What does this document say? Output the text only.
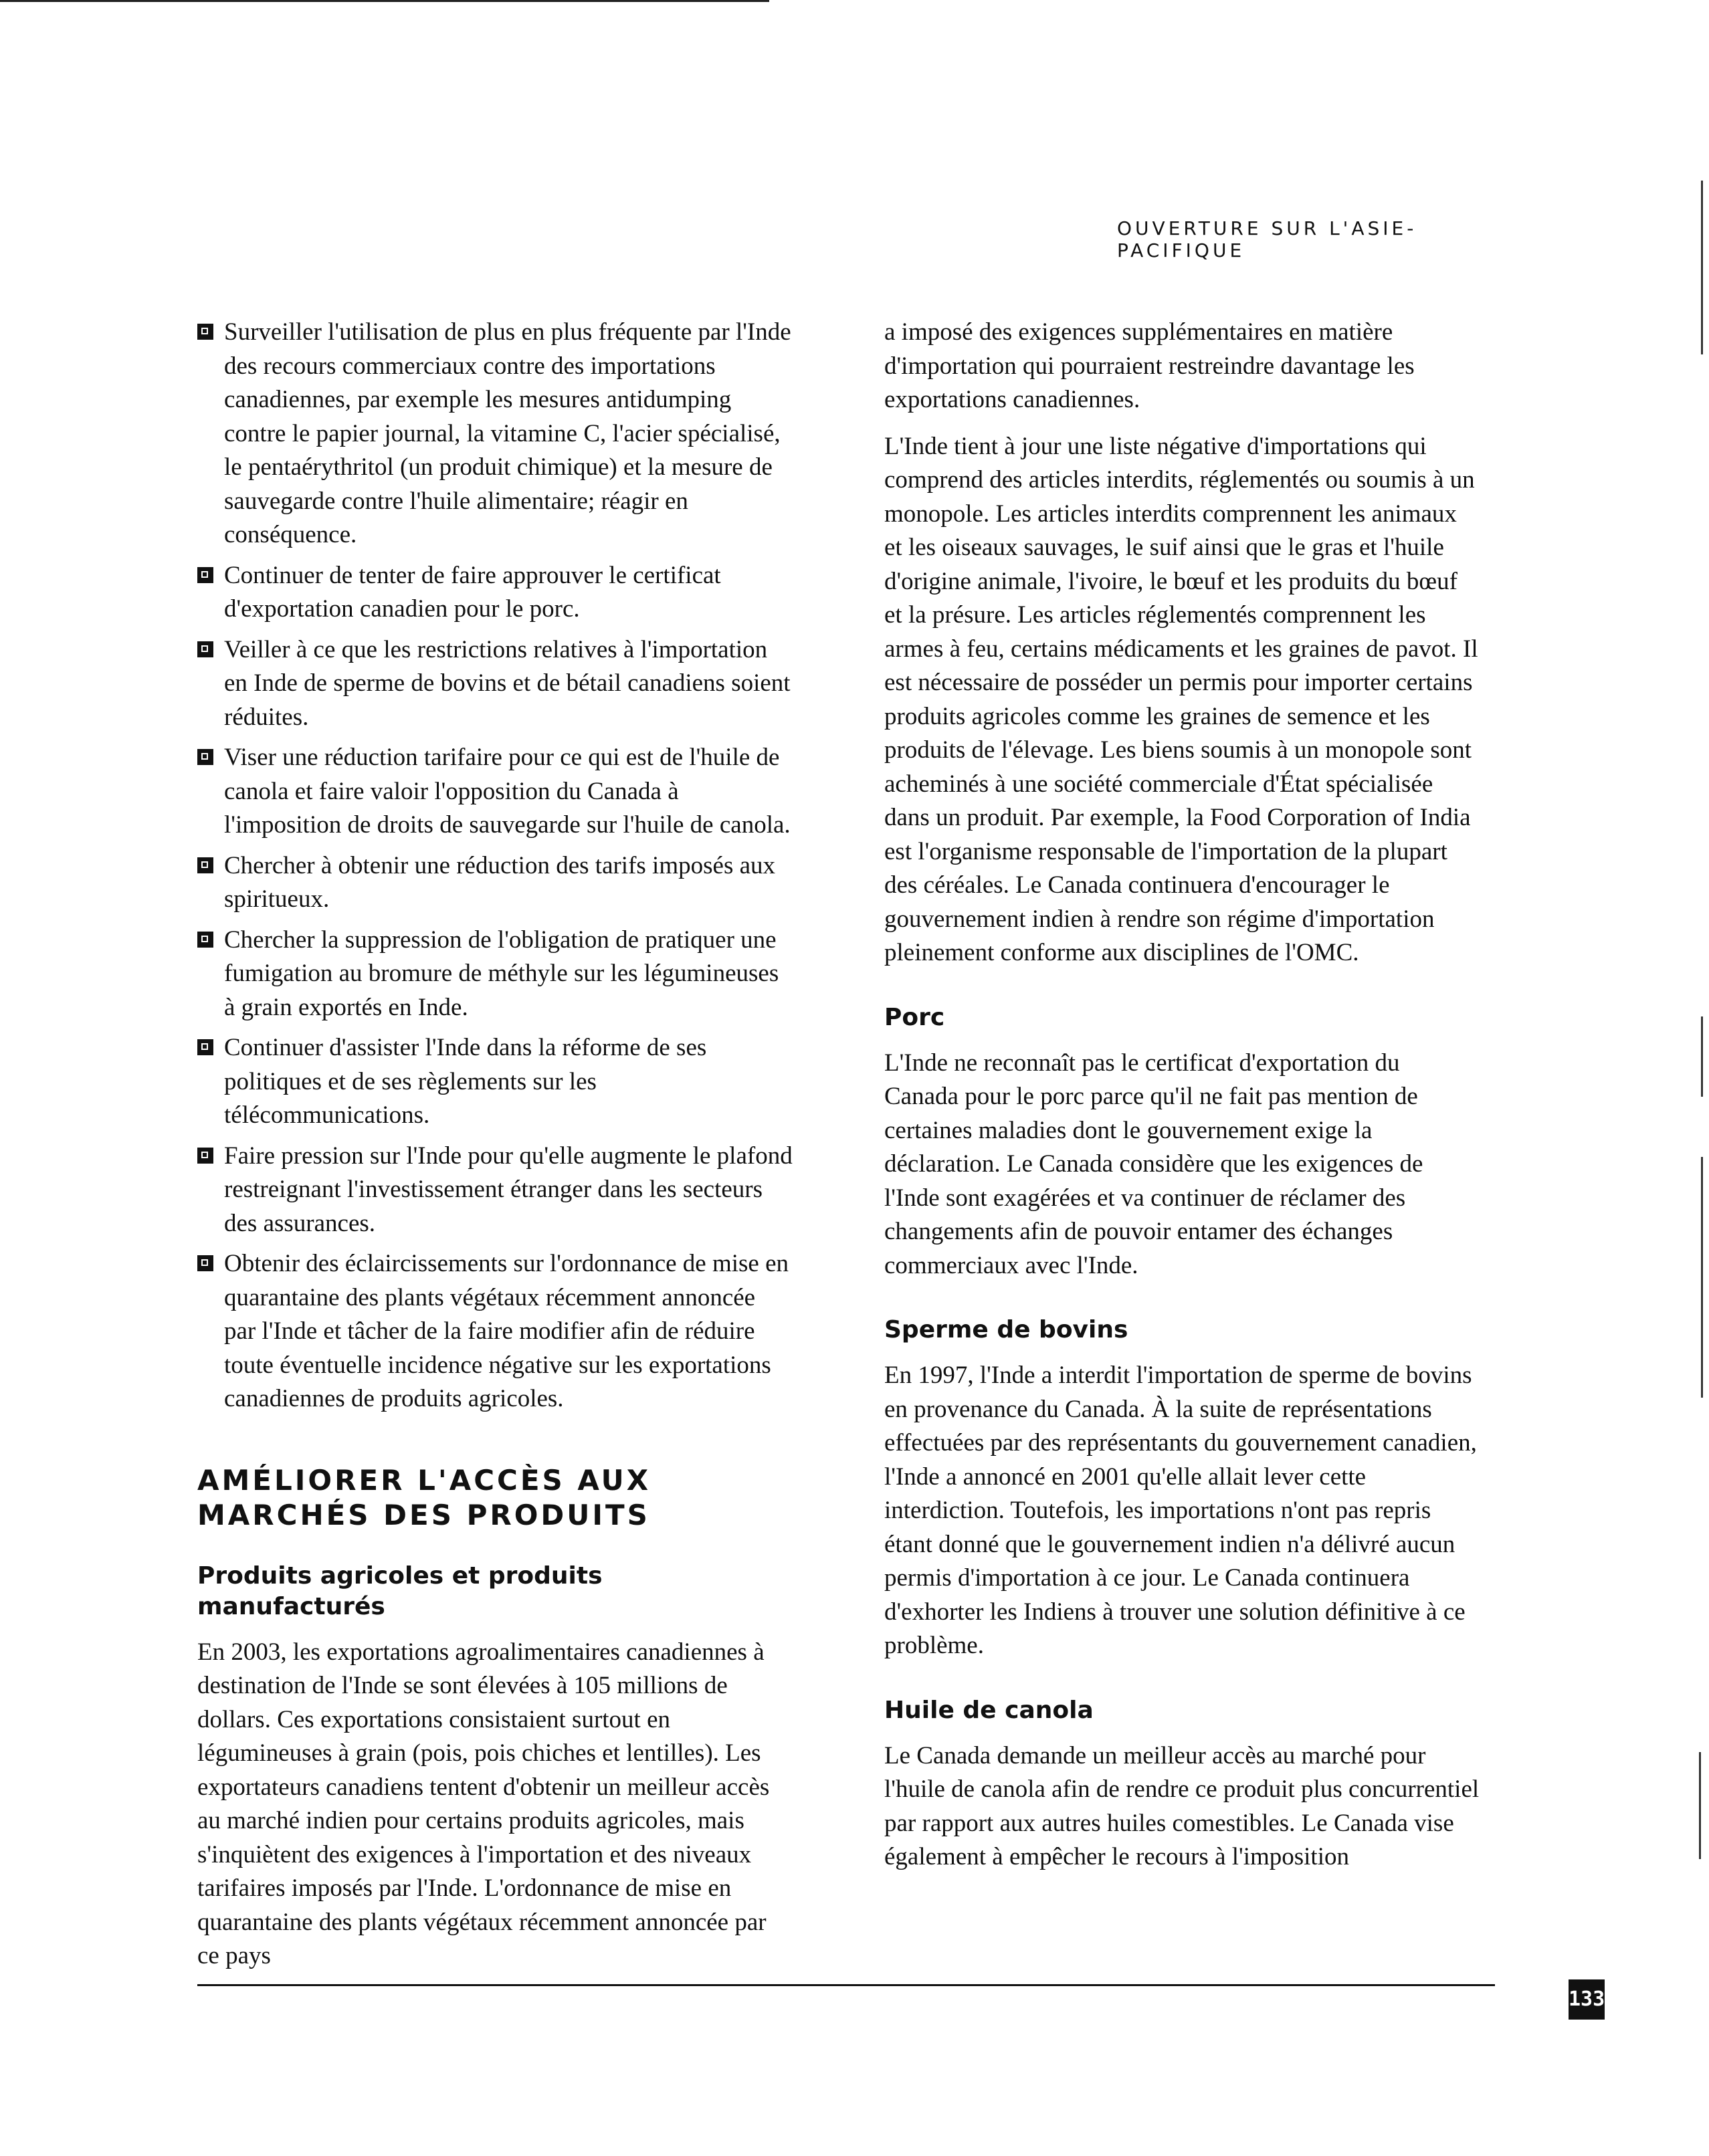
OUVERTURE SUR L'ASIE-PACIFIQUE
Surveiller l'utilisation de plus en plus fréquente par l'Inde des recours commerciaux contre des importations canadiennes, par exemple les mesures antidumping contre le papier journal, la vitamine C, l'acier spécialisé, le pentaérythritol (un produit chimique) et la mesure de sauvegarde contre l'huile alimentaire; réagir en conséquence.
Continuer de tenter de faire approuver le certificat d'exportation canadien pour le porc.
Veiller à ce que les restrictions relatives à l'importation en Inde de sperme de bovins et de bétail canadiens soient réduites.
Viser une réduction tarifaire pour ce qui est de l'huile de canola et faire valoir l'opposition du Canada à l'imposition de droits de sauvegarde sur l'huile de canola.
Chercher à obtenir une réduction des tarifs imposés aux spiritueux.
Chercher la suppression de l'obligation de pratiquer une fumigation au bromure de méthyle sur les légumineuses à grain exportés en Inde.
Continuer d'assister l'Inde dans la réforme de ses politiques et de ses règlements sur les télécommunications.
Faire pression sur l'Inde pour qu'elle augmente le plafond restreignant l'investissement étranger dans les secteurs des assurances.
Obtenir des éclaircissements sur l'ordonnance de mise en quarantaine des plants végétaux récemment annoncée par l'Inde et tâcher de la faire modifier afin de réduire toute éventuelle incidence négative sur les exportations canadiennes de produits agricoles.
AMÉLIORER L'ACCÈS AUX MARCHÉS DES PRODUITS
Produits agricoles et produits manufacturés

En 2003, les exportations agroalimentaires canadiennes à destination de l'Inde se sont élevées à 105 millions de dollars. Ces exportations consistaient surtout en légumineuses à grain (pois, pois chiches et lentilles). Les exportateurs canadiens tentent d'obtenir un meilleur accès au marché indien pour certains produits agricoles, mais s'inquiètent des exigences à l'importation et des niveaux tarifaires imposés par l'Inde. L'ordonnance de mise en quarantaine des plants végétaux récemment annoncée par ce pays

a imposé des exigences supplémentaires en matière d'importation qui pourraient restreindre davantage les exportations canadiennes.

L'Inde tient à jour une liste négative d'importations qui comprend des articles interdits, réglementés ou soumis à un monopole. Les articles interdits comprennent les animaux et les oiseaux sauvages, le suif ainsi que le gras et l'huile d'origine animale, l'ivoire, le bœuf et les produits du bœuf et la présure. Les articles réglementés comprennent les armes à feu, certains médicaments et les graines de pavot. Il est nécessaire de posséder un permis pour importer certains produits agricoles comme les graines de semence et les produits de l'élevage. Les biens soumis à un monopole sont acheminés à une société commerciale d'État spécialisée dans un produit. Par exemple, la Food Corporation of India est l'organisme responsable de l'importation de la plupart des céréales. Le Canada continuera d'encourager le gouvernement indien à rendre son régime d'importation pleinement conforme aux disciplines de l'OMC.

Porc

L'Inde ne reconnaît pas le certificat d'exportation du Canada pour le porc parce qu'il ne fait pas mention de certaines maladies dont le gouvernement exige la déclaration. Le Canada considère que les exigences de l'Inde sont exagérées et va continuer de réclamer des changements afin de pouvoir entamer des échanges commerciaux avec l'Inde.

Sperme de bovins

En 1997, l'Inde a interdit l'importation de sperme de bovins en provenance du Canada. À la suite de représentations effectuées par des représentants du gouvernement canadien, l'Inde a annoncé en 2001 qu'elle allait lever cette interdiction. Toutefois, les importations n'ont pas repris étant donné que le gouvernement indien n'a délivré aucun permis d'importation à ce jour. Le Canada continuera d'exhorter les Indiens à trouver une solution définitive à ce problème.

Huile de canola

Le Canada demande un meilleur accès au marché pour l'huile de canola afin de rendre ce produit plus concurrentiel par rapport aux autres huiles comestibles. Le Canada vise également à empêcher le recours à l'imposition

133
